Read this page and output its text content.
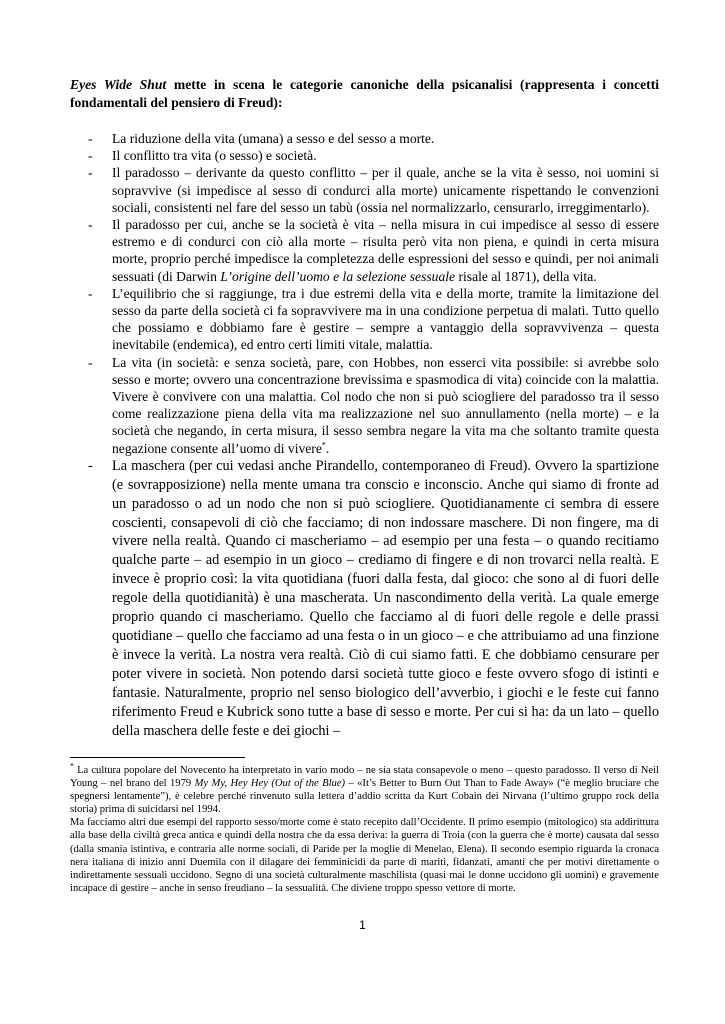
Eyes Wide Shut mette in scena le categorie canoniche della psicanalisi (rappresenta i concetti fondamentali del pensiero di Freud):

- La riduzione della vita (umana) a sesso e del sesso a morte.
- Il conflitto tra vita (o sesso) e società.
- Il paradosso – derivante da questo conflitto – per il quale, anche se la vita è sesso, noi uomini si sopravvive (si impedisce al sesso di condurci alla morte) unicamente rispettando le convenzioni sociali, consistenti nel fare del sesso un tabù (ossia nel normalizzarlo, censurarlo, irreggimentarlo).
- Il paradosso per cui, anche se la società è vita – nella misura in cui impedisce al sesso di essere estremo e di condurci con ciò alla morte – risulta però vita non piena, e quindi in certa misura morte, proprio perché impedisce la completezza delle espressioni del sesso e quindi, per noi animali sessuati (di Darwin L’origine dell’uomo e la selezione sessuale risale al 1871), della vita.
- L’equilibrio che si raggiunge, tra i due estremi della vita e della morte, tramite la limitazione del sesso da parte della società ci fa sopravvivere ma in una condizione perpetua di malati. Tutto quello che possiamo e dobbiamo fare è gestire – sempre a vantaggio della sopravvivenza – questa inevitabile (endemica), ed entro certi limiti vitale, malattia.
- La vita (in società: e senza società, pare, con Hobbes, non esserci vita possibile: si avrebbe solo sesso e morte; ovvero una concentrazione brevissima e spasmodica di vita) coincide con la malattia. Vivere è convivere con una malattia. Col nodo che non si può sciogliere del paradosso tra il sesso come realizzazione piena della vita ma realizzazione nel suo annullamento (nella morte) – e la società che negando, in certa misura, il sesso sembra negare la vita ma che soltanto tramite questa negazione consente all’uomo di vivere*.
- La maschera (per cui vedasi anche Pirandello, contemporaneo di Freud). Ovvero la spartizione (e sovrapposizione) nella mente umana tra conscio e inconscio. Anche qui siamo di fronte ad un paradosso o ad un nodo che non si può sciogliere. Quotidianamente ci sembra di essere coscienti, consapevoli di ciò che facciamo; di non indossare maschere. Di non fingere, ma di vivere nella realtà. Quando ci mascheriamo – ad esempio per una festa – o quando recitiamo qualche parte – ad esempio in un gioco – crediamo di fingere e di non trovarci nella realtà. E invece è proprio così: la vita quotidiana (fuori dalla festa, dal gioco: che sono al di fuori delle regole della quotidianità) è una mascherata. Un nascondimento della verità. La quale emerge proprio quando ci mascheriamo. Quello che facciamo al di fuori delle regole e delle prassi quotidiane – quello che facciamo ad una festa o in un gioco – e che attribuiamo ad una finzione è invece la verità. La nostra vera realtà. Ciò di cui siamo fatti. E che dobbiamo censurare per poter vivere in società. Non potendo darsi società tutte gioco e feste ovvero sfogo di istinti e fantasie. Naturalmente, proprio nel senso biologico dell’avverbio, i giochi e le feste cui fanno riferimento Freud e Kubrick sono tutte a base di sesso e morte. Per cui si ha: da un lato – quello della maschera delle feste e dei giochi –

* La cultura popolare del Novecento ha interpretato in vario modo – ne sia stata consapevole o meno – questo paradosso. Il verso di Neil Young – nel brano del 1979 My My, Hey Hey (Out of the Blue) – «It’s Better to Burn Out Than to Fade Away» (“è meglio bruciare che spegnersi lentamente”), è celebre perché rinvenuto sulla lettera d’addio scritta da Kurt Cobain dei Nirvana (l’ultimo gruppo rock della storia) prima di suicidarsi nel 1994.

Ma facciamo altri due esempi del rapporto sesso/morte come è stato recepito dall’Occidente. Il primo esempio (mitologico) sta addirittura alla base della civiltà greca antica e quindi della nostra che da essa deriva: la guerra di Troia (con la guerra che è morte) causata dal sesso (dalla smania istintiva, e contraria alle norme sociali, di Paride per la moglie di Menelao, Elena). Il secondo esempio riguarda la cronaca nera italiana di inizio anni Duemila con il dilagare dei femminicidi da parte di mariti, fidanzati, amanti che per motivi direttamente o indirettamente sessuali uccidono. Segno di una società culturalmente maschilista (quasi mai le donne uccidono gli uomini) e gravemente incapace di gestire – anche in senso freudiano – la sessualità. Che diviene troppo spesso vettore di morte.

1
